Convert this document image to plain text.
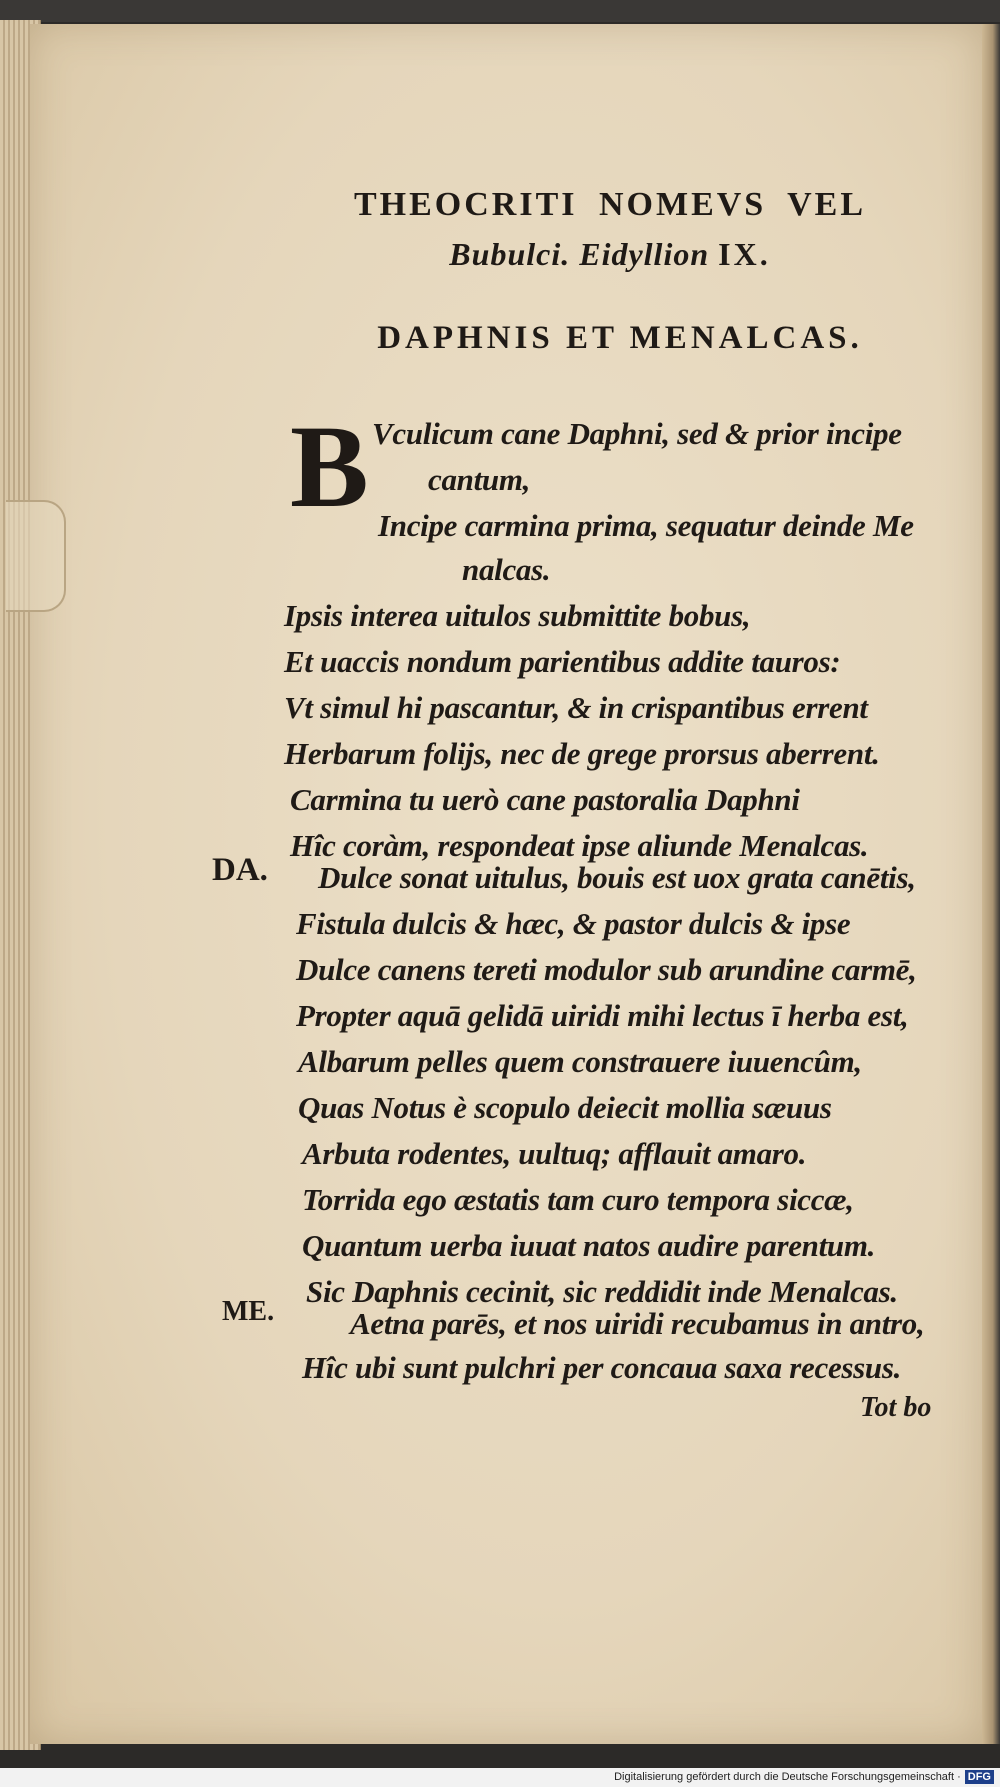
THEOCRITI NOMEVS VEL
Bubulci. Eidyllion IX.
DAPHNIS ET MENALCAS.
B Vculicum cane Daphni, sed & prior incipe
cantum,
Incipe carmina prima, sequatur deinde Me
nalcas.
Ipsis interea uitulos submittite bobus,
Et uaccis nondum parientibus addite tauros:
Vt simul hi pascantur, & in crispantibus errent
Herbarum folijs, nec de grege prorsus aberrent.
Carmina tu uerò cane pastoralia Daphni
Hîc coràm, respondeat ipse aliunde Menalcas.
DA. Dulce sonat uitulus, bouis est uox grata canētis,
Fistula dulcis & hæc, & pastor dulcis & ipse
Dulce canens tereti modulor sub arundine carmē,
Propter aquā gelidā uiridi mihi lectus ī herba est,
Albarum pelles quem constrauere iuuencûm,
Quas Notus è scopulo deiecit mollia sæuus
Arbuta rodentes, uultuq; afflauit amaro.
Torrida ego æstatis tam curo tempora siccæ,
Quantum uerba iuuat natos audire parentum.
Sic Daphnis cecinit, sic reddidit inde Menalcas.
ME. Aetna parēs, et nos uiridi recubamus in antro,
Hîc ubi sunt pulchri per concaua saxa recessus.
Tot bo
Digitalisierung gefördert durch die Deutsche Forschungsgemeinschaft · DFG
